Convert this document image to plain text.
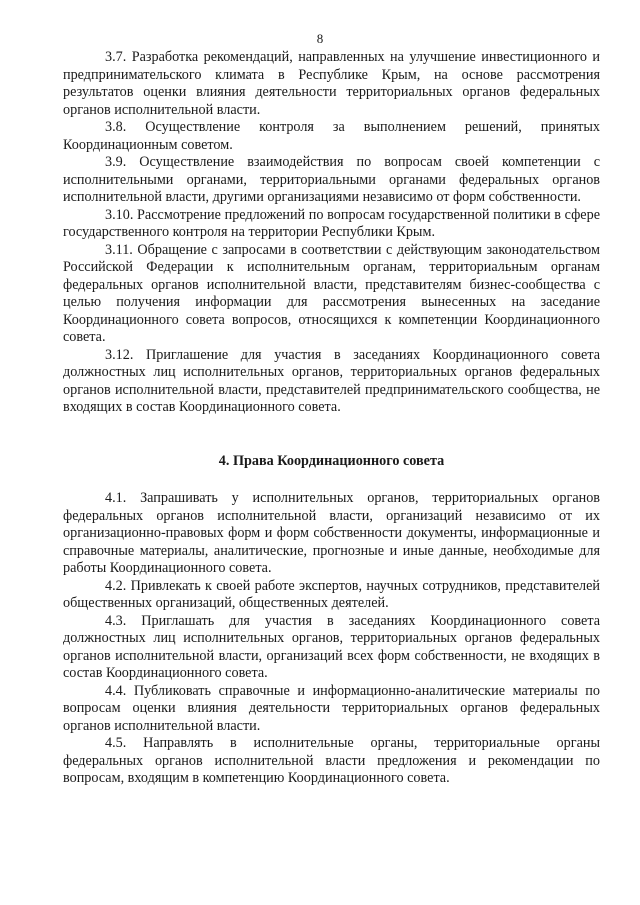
8

3.7. Разработка рекомендаций, направленных на улучшение инвестиционного и предпринимательского климата в Республике Крым, на основе рассмотрения результатов оценки влияния деятельности территориальных органов федеральных органов исполнительной власти.

3.8. Осуществление контроля за выполнением решений, принятых Координационным советом.

3.9. Осуществление взаимодействия по вопросам своей компетенции с исполнительными органами, территориальными органами федеральных органов исполнительной власти, другими организациями независимо от форм собственности.

3.10. Рассмотрение предложений по вопросам государственной политики в сфере государственного контроля на территории Республики Крым.

3.11. Обращение с запросами в соответствии с действующим законодательством Российской Федерации к исполнительным органам, территориальным органам федеральных органов исполнительной власти, представителям бизнес-сообщества с целью получения информации для рассмотрения вынесенных на заседание Координационного совета вопросов, относящихся к компетенции Координационного совета.

3.12. Приглашение для участия в заседаниях Координационного совета должностных лиц исполнительных органов, территориальных органов федеральных органов исполнительной власти, представителей предпринимательского сообщества, не входящих в состав Координационного совета.

4. Права Координационного совета

4.1. Запрашивать у исполнительных органов, территориальных органов федеральных органов исполнительной власти, организаций независимо от их организационно-правовых форм и форм собственности документы, информационные и справочные материалы, аналитические, прогнозные и иные данные, необходимые для работы Координационного совета.

4.2. Привлекать к своей работе экспертов, научных сотрудников, представителей общественных организаций, общественных деятелей.

4.3. Приглашать для участия в заседаниях Координационного совета должностных лиц исполнительных органов, территориальных органов федеральных органов исполнительной власти, организаций всех форм собственности, не входящих в состав Координационного совета.

4.4. Публиковать справочные и информационно-аналитические материалы по вопросам оценки влияния деятельности территориальных органов федеральных органов исполнительной власти.

4.5. Направлять в исполнительные органы, территориальные органы федеральных органов исполнительной власти предложения и рекомендации по вопросам, входящим в компетенцию Координационного совета.
